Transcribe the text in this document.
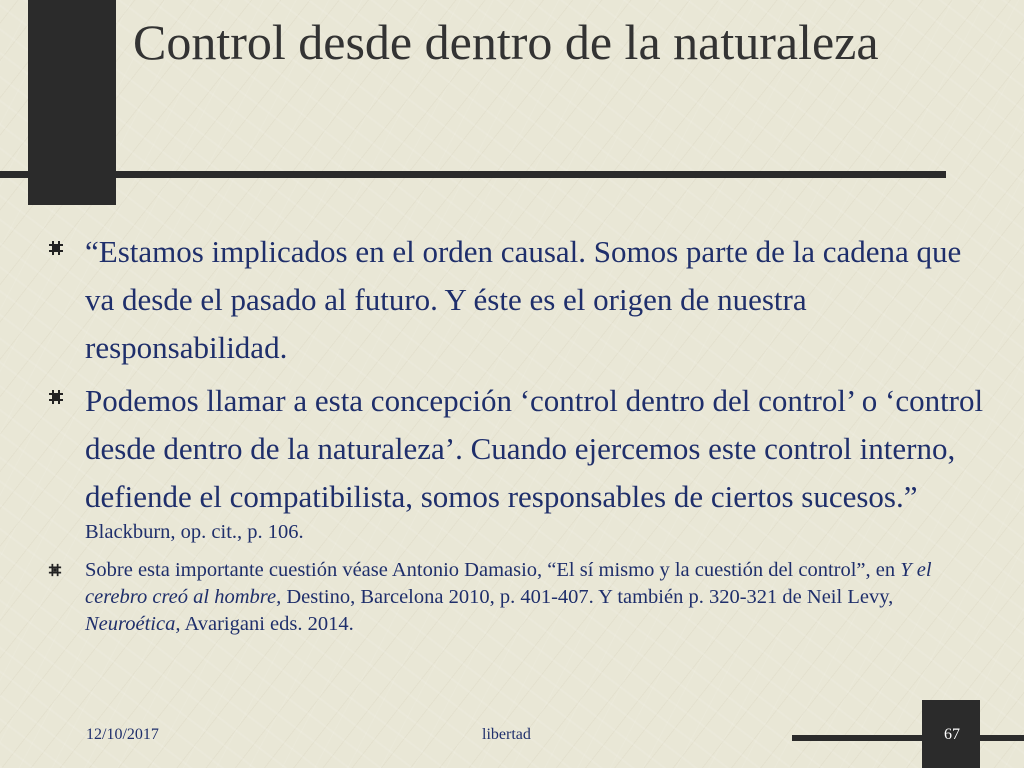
Control desde dentro de la naturaleza
“Estamos implicados en el orden causal. Somos parte de la cadena que va desde el pasado al futuro. Y éste es el origen de nuestra responsabilidad.
Podemos llamar a esta concepción ‘control dentro del control’ o ‘control desde dentro de la naturaleza’. Cuando ejercemos este control interno, defiende el compatibilista, somos responsables de ciertos sucesos.”
Blackburn, op. cit., p. 106.
Sobre esta importante cuestión véase Antonio Damasio, “El sí mismo y la cuestión del control”, en Y el cerebro creó al hombre, Destino, Barcelona 2010, p. 401-407. Y también p. 320-321 de Neil Levy, Neuroética, Avarigani eds. 2014.
12/10/2017	libertad	67
